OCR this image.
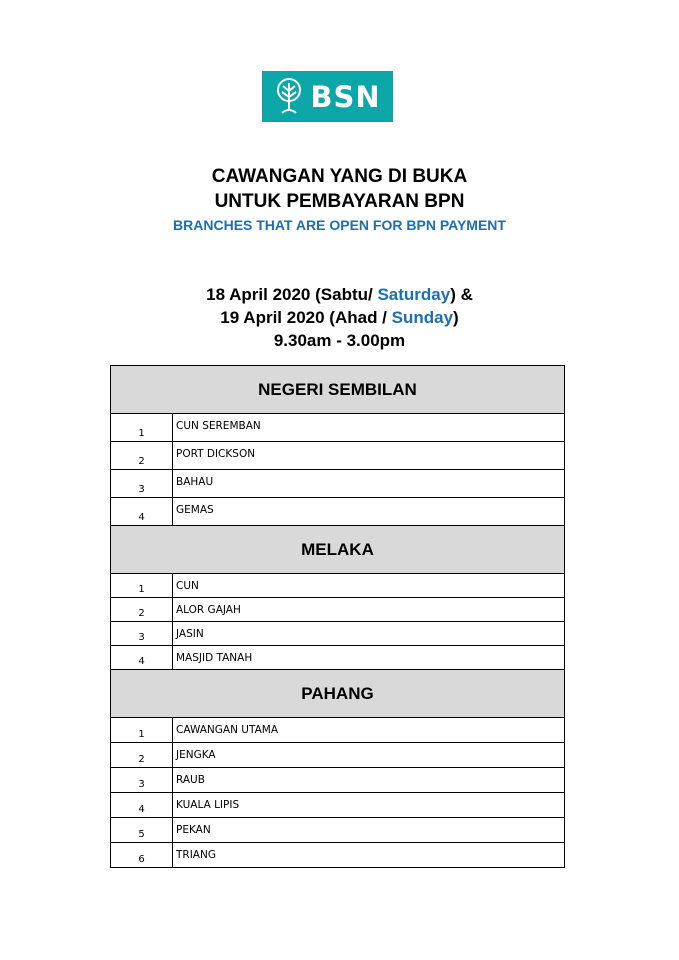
BSN
CAWANGAN YANG DI BUKA
UNTUK PEMBAYARAN BPN
BRANCHES THAT ARE OPEN FOR BPN PAYMENT
18 April 2020 (Sabtu/ Saturday) &
19 April 2020 (Ahad / Sunday)
9.30am - 3.00pm
NEGERI SEMBILAN	
1	CUN SEREMBAN
2	PORT DICKSON
3	BAHAU
4	GEMAS
MELAKA	
1	CUN
2	ALOR GAJAH
3	JASIN
4	MASJID TANAH
PAHANG	
1	CAWANGAN UTAMA
2	JENGKA
3	RAUB
4	KUALA LIPIS
5	PEKAN
6	TRIANG
